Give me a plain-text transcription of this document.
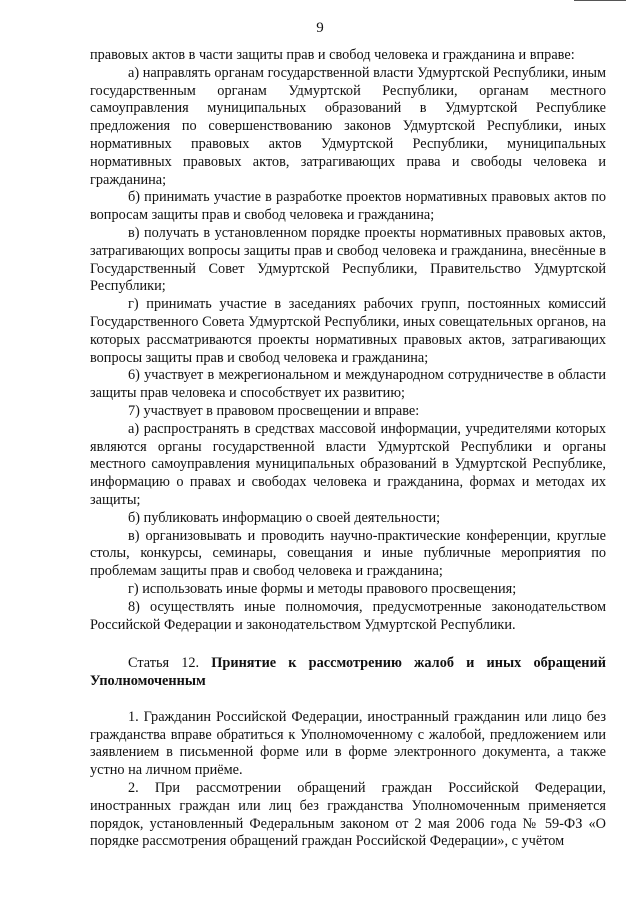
9

правовых актов в части защиты прав и свобод человека и гражданина и вправе:

а) направлять органам государственной власти Удмуртской Республики, иным государственным органам Удмуртской Республики, органам местного самоуправления муниципальных образований в Удмуртской Республике предложения по совершенствованию законов Удмуртской Республики, иных нормативных правовых актов Удмуртской Республики, муниципальных нормативных правовых актов, затрагивающих права и свободы человека и гражданина;

б) принимать участие в разработке проектов нормативных правовых актов по вопросам защиты прав и свобод человека и гражданина;

в) получать в установленном порядке проекты нормативных правовых актов, затрагивающих вопросы защиты прав и свобод человека и гражданина, внесённые в Государственный Совет Удмуртской Республики, Правительство Удмуртской Республики;

г) принимать участие в заседаниях рабочих групп, постоянных комиссий Государственного Совета Удмуртской Республики, иных совещательных органов, на которых рассматриваются проекты нормативных правовых актов, затрагивающих вопросы защиты прав и свобод человека и гражданина;

6) участвует в межрегиональном и международном сотрудничестве в области защиты прав человека и способствует их развитию;

7) участвует в правовом просвещении и вправе:

а) распространять в средствах массовой информации, учредителями которых являются органы государственной власти Удмуртской Республики и органы местного самоуправления муниципальных образований в Удмуртской Республике, информацию о правах и свободах человека и гражданина, формах и методах их защиты;

б) публиковать информацию о своей деятельности;

в) организовывать и проводить научно-практические конференции, круглые столы, конкурсы, семинары, совещания и иные публичные мероприятия по проблемам защиты прав и свобод человека и гражданина;

г) использовать иные формы и методы правового просвещения;

8) осуществлять иные полномочия, предусмотренные законодательством Российской Федерации и законодательством Удмуртской Республики.

Статья 12. Принятие к рассмотрению жалоб и иных обращений Уполномоченным

1. Гражданин Российской Федерации, иностранный гражданин или лицо без гражданства вправе обратиться к Уполномоченному с жалобой, предложением или заявлением в письменной форме или в форме электронного документа, а также устно на личном приёме.

2. При рассмотрении обращений граждан Российской Федерации, иностранных граждан или лиц без гражданства Уполномоченным применяется порядок, установленный Федеральным законом от 2 мая 2006 года № 59-ФЗ «О порядке рассмотрения обращений граждан Российской Федерации», с учётом
